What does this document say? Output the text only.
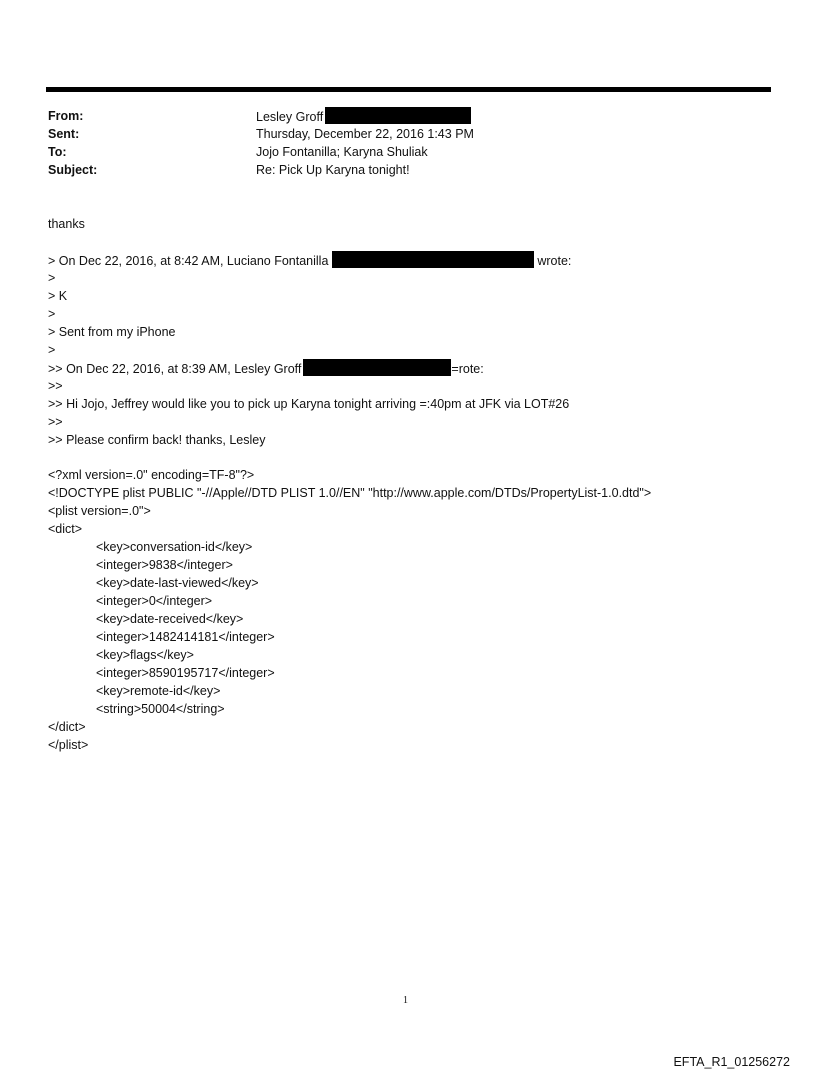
From:	Lesley Groff
Sent:	Thursday, December 22, 2016 1:43 PM
To:	Jojo Fontanilla; Karyna Shuliak
Subject:	Re: Pick Up Karyna tonight!
thanks
> On Dec 22, 2016, at 8:42 AM, Luciano Fontanilla	wrote:
>
> K
>
> Sent from my iPhone
>
>> On Dec 22, 2016, at 8:39 AM, Lesley Groff	=rote:
>>
>> Hi Jojo, Jeffrey would like you to pick up Karyna tonight arriving =:40pm at JFK via LOT#26
>>
>> Please confirm back! thanks, Lesley
<?xml version=.0" encoding=TF-8"?>
<!DOCTYPE plist PUBLIC "-//Apple//DTD PLIST 1.0//EN" "http://www.apple.com/DTDs/PropertyList-1.0.dtd">
<plist version=.0">
<dict>
<key>conversation-id</key>
<integer>9838</integer>
<key>date-last-viewed</key>
<integer>0</integer>
<key>date-received</key>
<integer>1482414181</integer>
<key>flags</key>
<integer>8590195717</integer>
<key>remote-id</key>
<string>50004</string>
</dict>
</plist>
1
EFTA_R1_01256272
